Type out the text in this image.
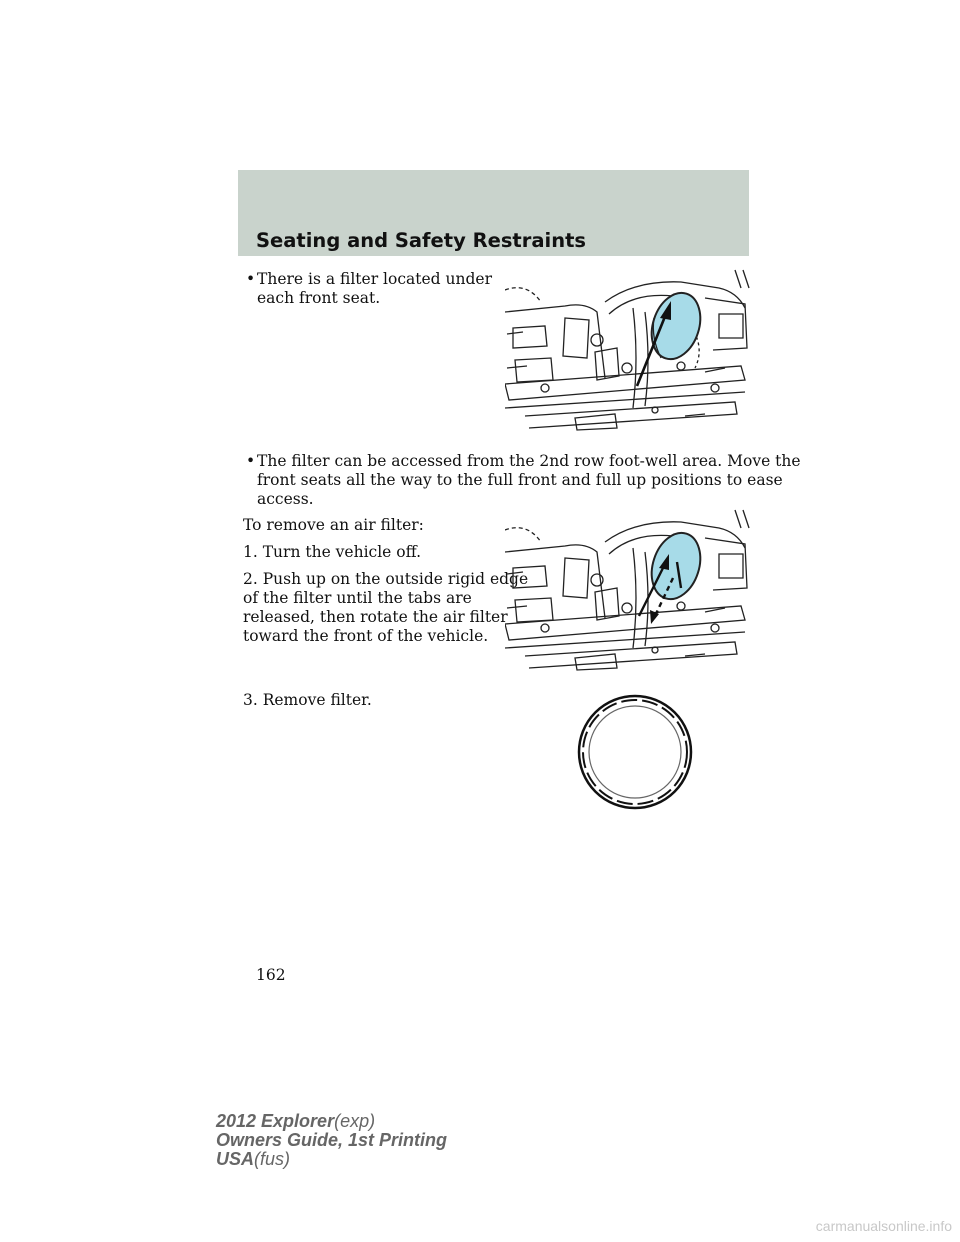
Seating and Safety Restraints
• There is a filter located under
each front seat.
• The filter can be accessed from the 2nd row foot-well area. Move the
front seats all the way to the full front and full up positions to ease
access.
To remove an air filter:
1. Turn the vehicle off.
2. Push up on the outside rigid edge
of the filter until the tabs are
released, then rotate the air filter
toward the front of the vehicle.
3. Remove filter.
162
2012 Explorer(exp)
Owners Guide, 1st Printing
USA(fus)
carmanualsonline.info
